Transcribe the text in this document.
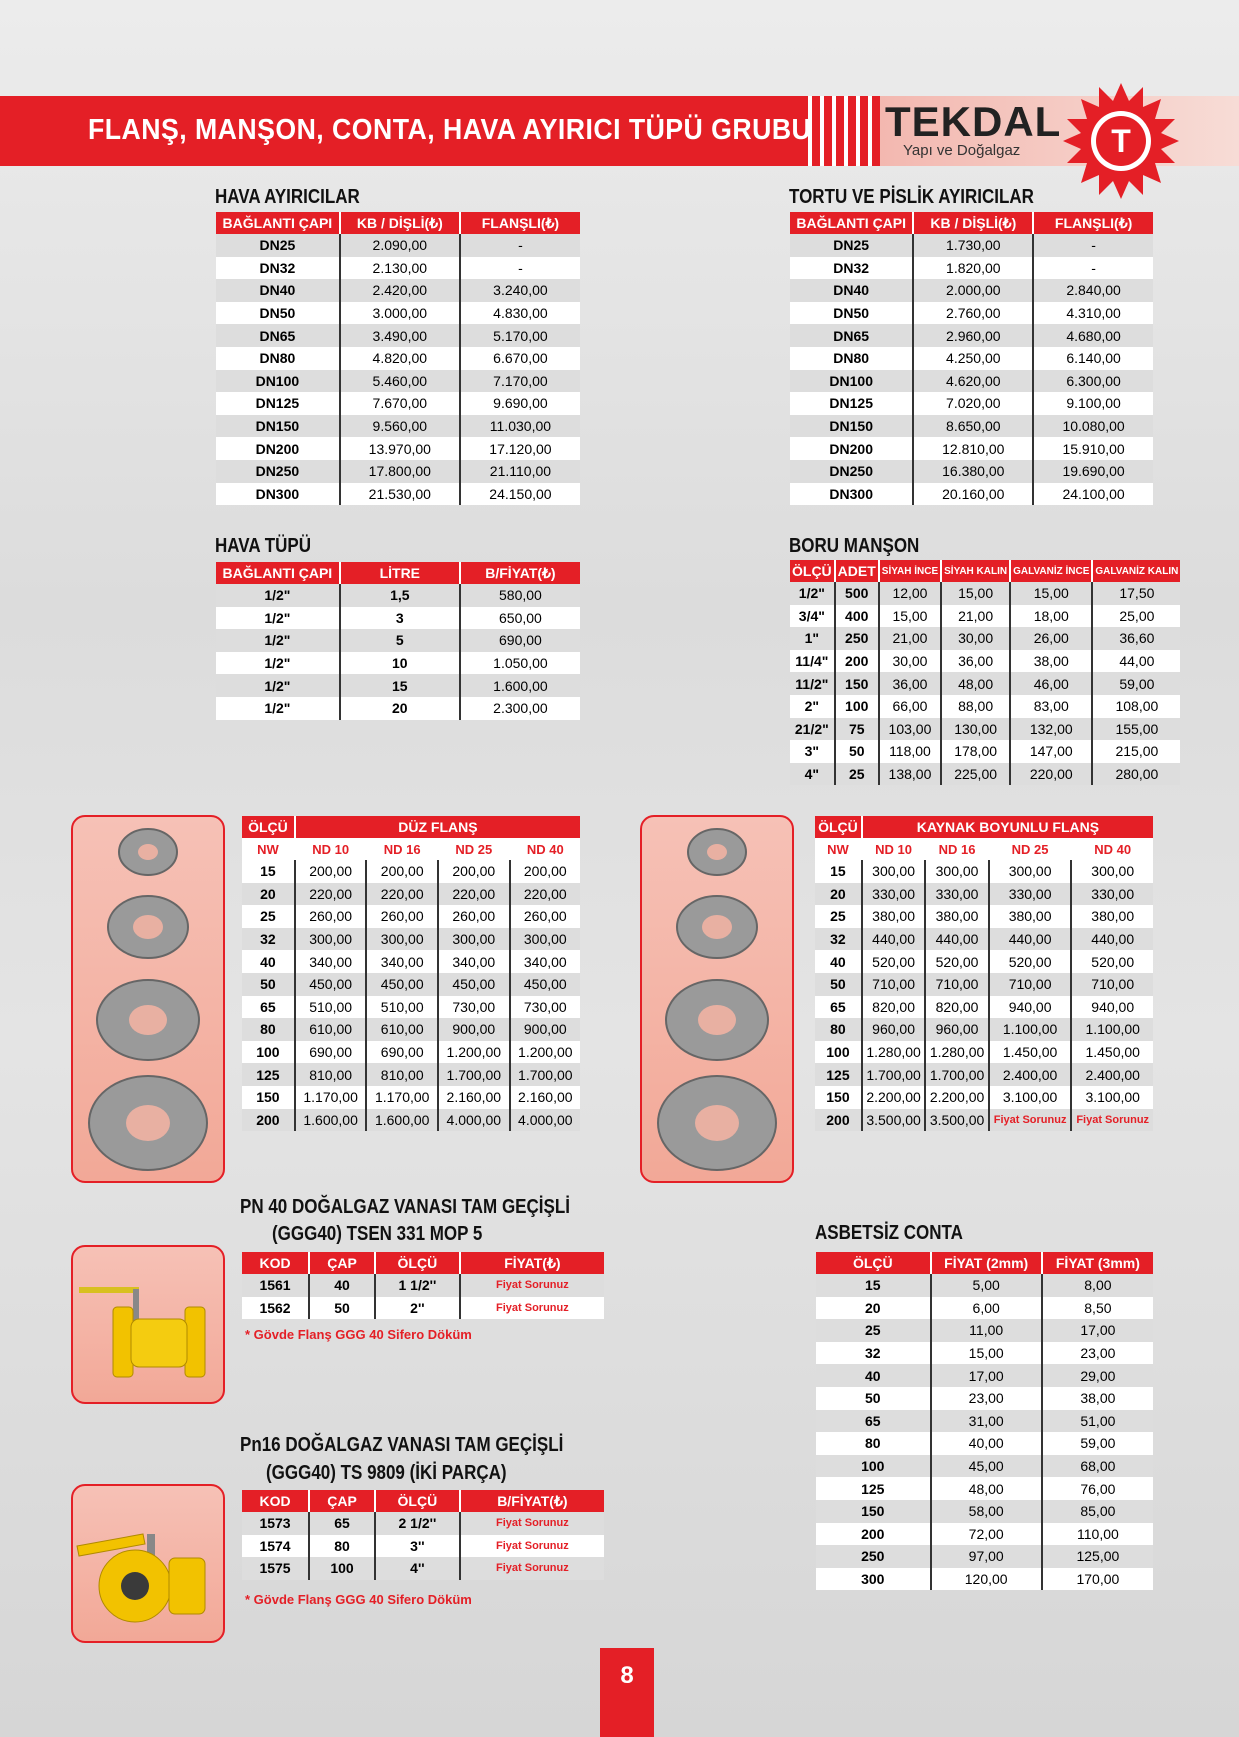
FLANŞ, MANŞON, CONTA, HAVA AYIRICI TÜPÜ GRUBU TEKDAL
Yapı ve Doğalgaz	T
HAVA AYIRICILAR
BAĞLANTI ÇAPI	KB / DİŞLİ(₺)	FLANŞLI(₺)
DN25	2.090,00	-
DN32	2.130,00	-
DN40	2.420,00	3.240,00
DN50	3.000,00	4.830,00
DN65	3.490,00	5.170,00
DN80	4.820,00	6.670,00
DN100	5.460,00	7.170,00
DN125	7.670,00	9.690,00
DN150	9.560,00	11.030,00
DN200	13.970,00	17.120,00
DN250	17.800,00	21.110,00
DN300	21.530,00	24.150,00
TORTU VE PİSLİK AYIRICILAR
BAĞLANTI ÇAPI	KB / DİŞLİ(₺)	FLANŞLI(₺)
DN25	1.730,00	-
DN32	1.820,00	-
DN40	2.000,00	2.840,00
DN50	2.760,00	4.310,00
DN65	2.960,00	4.680,00
DN80	4.250,00	6.140,00
DN100	4.620,00	6.300,00
DN125	7.020,00	9.100,00
DN150	8.650,00	10.080,00
DN200	12.810,00	15.910,00
DN250	16.380,00	19.690,00
DN300	20.160,00	24.100,00
HAVA TÜPÜ
BAĞLANTI ÇAPI	LİTRE	B/FİYAT(₺)
1/2"	1,5	580,00
1/2"	3	650,00
1/2"	5	690,00
1/2"	10	1.050,00
1/2"	15	1.600,00
1/2"	20	2.300,00
BORU MANŞON
ÖLÇÜ	ADET	SİYAH İNCE	SİYAH KALIN	GALVANİZ İNCE	GALVANİZ KALIN
1/2"	500	12,00	15,00	15,00	17,50
3/4"	400	15,00	21,00	18,00	25,00
1"	250	21,00	30,00	26,00	36,60
11/4"	200	30,00	36,00	38,00	44,00
11/2"	150	36,00	48,00	46,00	59,00
2"	100	66,00	88,00	83,00	108,00
21/2"	75	103,00	130,00	132,00	155,00
3"	50	118,00	178,00	147,00	215,00
4"	25	138,00	225,00	220,00	280,00
ÖLÇÜ	DÜZ FLANŞ			
NW	ND 10	ND 16	ND 25	ND 40
15	200,00	200,00	200,00	200,00
20	220,00	220,00	220,00	220,00
25	260,00	260,00	260,00	260,00
32	300,00	300,00	300,00	300,00
40	340,00	340,00	340,00	340,00
50	450,00	450,00	450,00	450,00
65	510,00	510,00	730,00	730,00
80	610,00	610,00	900,00	900,00
100	690,00	690,00	1.200,00	1.200,00
125	810,00	810,00	1.700,00	1.700,00
150	1.170,00	1.170,00	2.160,00	2.160,00
200	1.600,00	1.600,00	4.000,00	4.000,00
ÖLÇÜ	KAYNAK BOYUNLU FLANŞ			
NW	ND 10	ND 16	ND 25	ND 40
15	300,00	300,00	300,00	300,00
20	330,00	330,00	330,00	330,00
25	380,00	380,00	380,00	380,00
32	440,00	440,00	440,00	440,00
40	520,00	520,00	520,00	520,00
50	710,00	710,00	710,00	710,00
65	820,00	820,00	940,00	940,00
80	960,00	960,00	1.100,00	1.100,00
100	1.280,00	1.280,00	1.450,00	1.450,00
125	1.700,00	1.700,00	2.400,00	2.400,00
150	2.200,00	2.200,00	3.100,00	3.100,00
200	3.500,00	3.500,00	Fiyat Sorunuz	Fiyat Sorunuz
PN 40 DOĞALGAZ VANASI TAM GEÇİŞLİ
(GGG40) TSEN 331 MOP 5
KOD	ÇAP	ÖLÇÜ	FİYAT(₺)
1561	40	1 1/2''	Fiyat Sorunuz
1562	50	2''	Fiyat Sorunuz
* Gövde Flanş GGG 40 Sifero Döküm
Pn16 DOĞALGAZ VANASI TAM GEÇİŞLİ
(GGG40) TS 9809 (İKİ PARÇA)
KOD	ÇAP	ÖLÇÜ	B/FİYAT(₺)
1573	65	2 1/2''	Fiyat Sorunuz
1574	80	3''	Fiyat Sorunuz
1575	100	4''	Fiyat Sorunuz
* Gövde Flanş GGG 40 Sifero Döküm
ASBETSİZ CONTA
ÖLÇÜ	FİYAT (2mm)	FİYAT (3mm)
15	5,00	8,00
20	6,00	8,50
25	11,00	17,00
32	15,00	23,00
40	17,00	29,00
50	23,00	38,00
65	31,00	51,00
80	40,00	59,00
100	45,00	68,00
125	48,00	76,00
150	58,00	85,00
200	72,00	110,00
250	97,00	125,00
300	120,00	170,00
8
